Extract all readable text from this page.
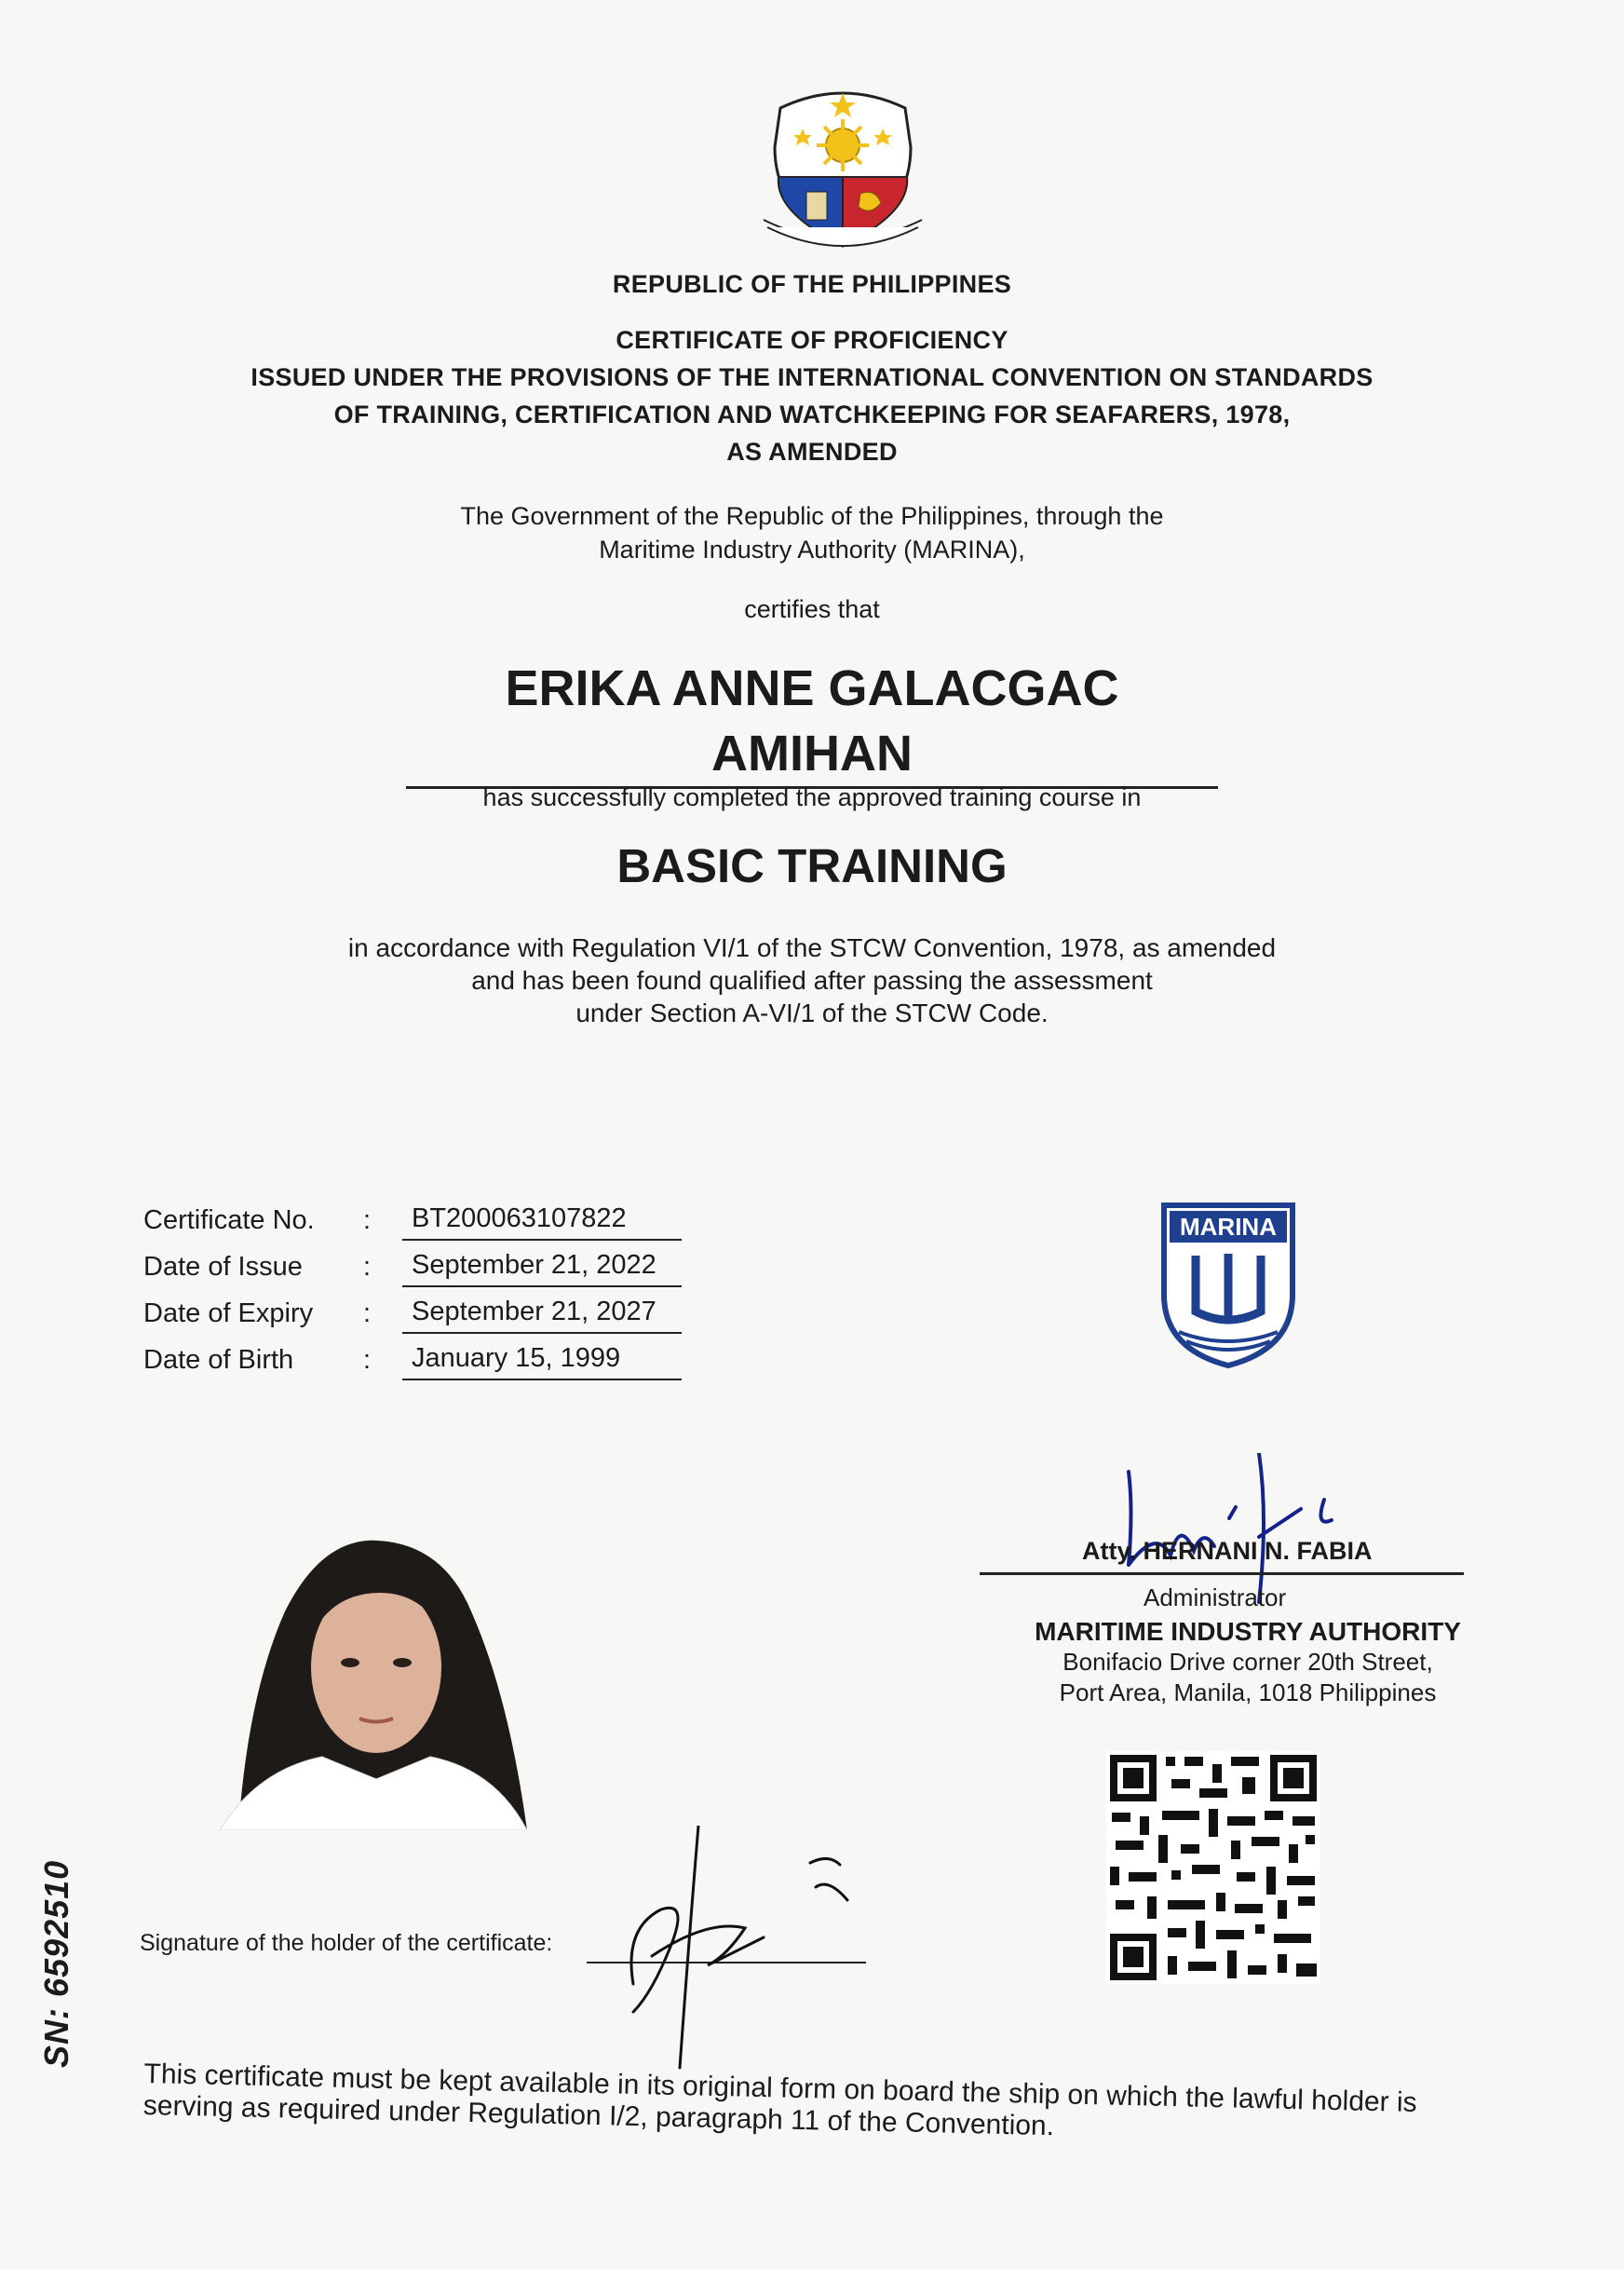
REPUBLIC OF THE PHILIPPINES
CERTIFICATE OF PROFICIENCY
ISSUED UNDER THE PROVISIONS OF THE INTERNATIONAL CONVENTION ON STANDARDS
OF TRAINING, CERTIFICATION AND WATCHKEEPING FOR SEAFARERS, 1978,
AS AMENDED
The Government of the Republic of the Philippines, through the
Maritime Industry Authority (MARINA),
certifies that
ERIKA ANNE GALACGAC AMIHAN
has successfully completed the approved training course in
BASIC TRAINING
in accordance with Regulation VI/1 of the STCW Convention, 1978, as amended
and has been found qualified after passing the assessment
under Section A-VI/1 of the STCW Code.
Certificate No. :	BT200063107822
Date of Issue :	September 21, 2022
Date of Expiry :	September 21, 2027
Date of Birth	:	January 15, 1999
MARINA
Atty. HERNANI N. FABIA
Administrator
MARITIME INDUSTRY AUTHORITY
Bonifacio Drive corner 20th Street,
Port Area, Manila, 1018 Philippines
Signature of the holder of the certificate:
SN: 6592510
This certificate must be kept available in its original form on board the ship on which the lawful holder is serving as required under Regulation I/2, paragraph 11 of the Convention.
